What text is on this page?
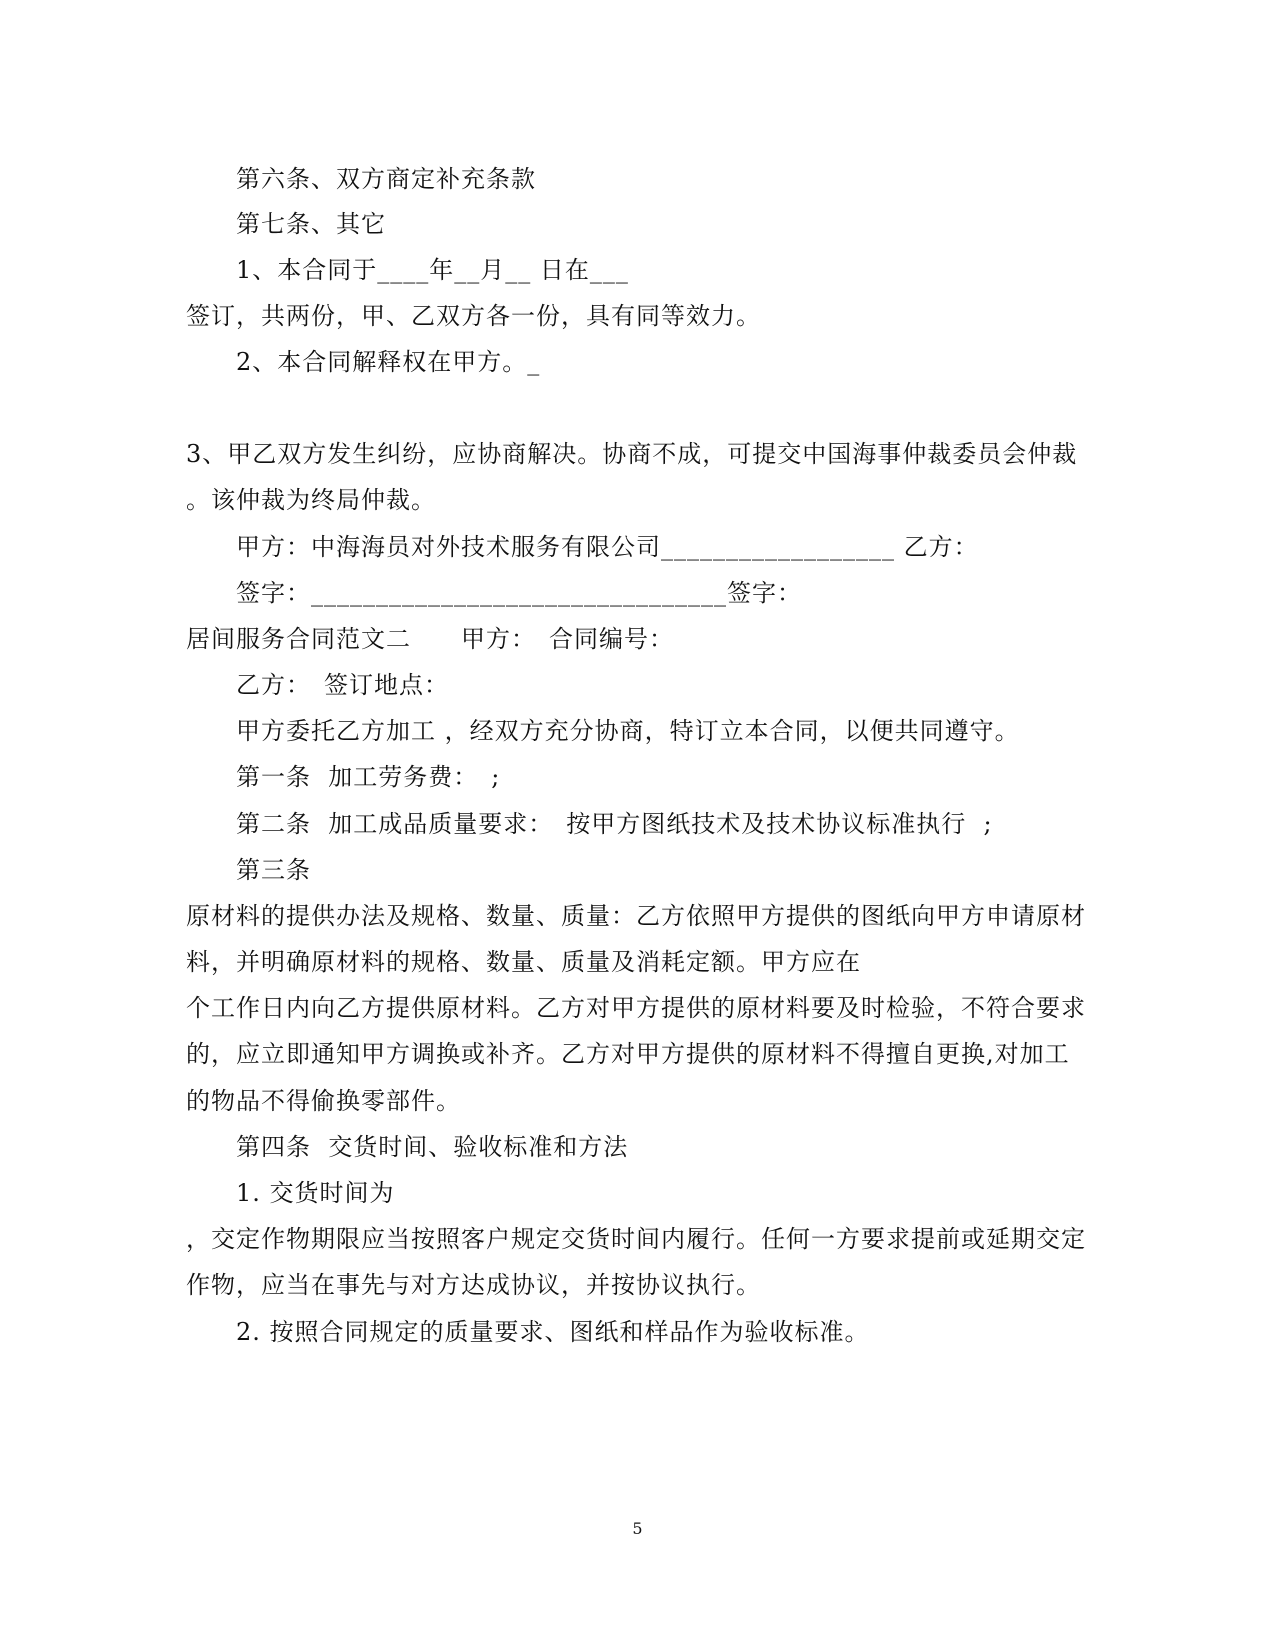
第六条、双方商定补充条款
第七条、其它
1、本合同于____年__月__ 日在___
签订，共两份，甲、乙双方各一份，具有同等效力。
2、本合同解释权在甲方。_
3、甲乙双方发生纠纷，应协商解决。协商不成，可提交中国海事仲裁委员会仲裁
。该仲裁为终局仲裁。
甲方：中海海员对外技术服务有限公司__________________ 乙方：
签字：________________________________签字：
居间服务合同范文二　　甲方：　合同编号：
乙方：　签订地点：
甲方委托乙方加工 ，经双方充分协商，特订立本合同，以便共同遵守。
第一条  加工劳务费：　;
第二条  加工成品质量要求：　按甲方图纸技术及技术协议标准执行  ;
第三条
原材料的提供办法及规格、数量、质量：乙方依照甲方提供的图纸向甲方申请原材
料，并明确原材料的规格、数量、质量及消耗定额。甲方应在
个工作日内向乙方提供原材料。乙方对甲方提供的原材料要及时检验，不符合要求
的，应立即通知甲方调换或补齐。乙方对甲方提供的原材料不得擅自更换,对加工
的物品不得偷换零部件。
第四条  交货时间、验收标准和方法
1. 交货时间为
，交定作物期限应当按照客户规定交货时间内履行。任何一方要求提前或延期交定
作物，应当在事先与对方达成协议，并按协议执行。
2. 按照合同规定的质量要求、图纸和样品作为验收标准。
5
